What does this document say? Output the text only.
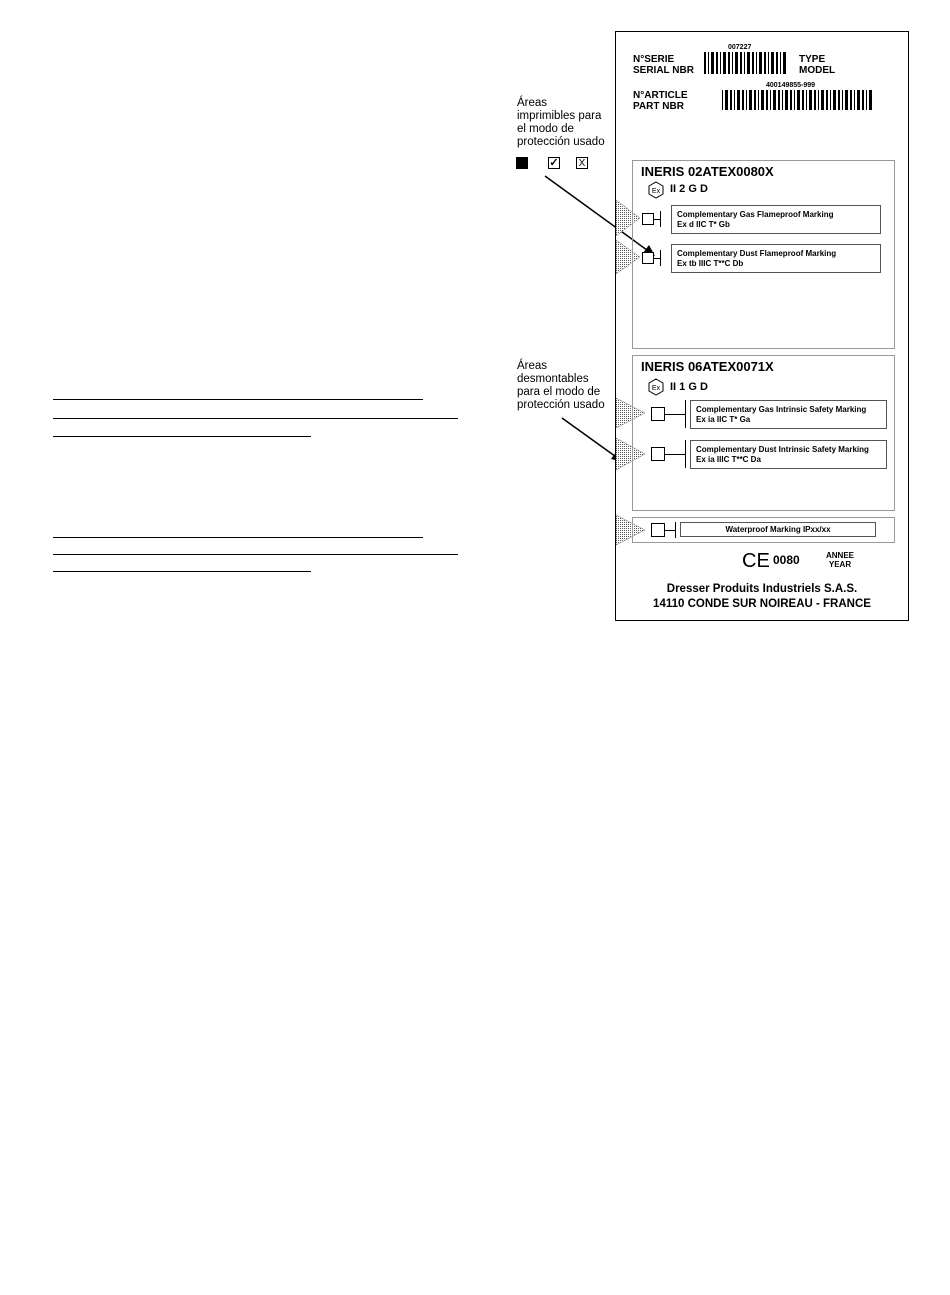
Áreas
imprimibles para
el modo de
protección usado
✓ X
Áreas
desmontables
para el modo de
protección usado
N°SERIE
SERIAL NBR
007227
TYPE
MODEL
N°ARTICLE
PART NBR
400149855-999
INERIS 02ATEX0080X
Ex II 2 G D
Complementary Gas Flameproof Marking
Ex d IIC T* Gb
Complementary Dust Flameproof Marking
Ex tb IIIC T**C Db
INERIS 06ATEX0071X
Ex II 1 G D
Complementary Gas Intrinsic Safety Marking
Ex ia IIC T* Ga
Complementary Dust Intrinsic Safety Marking
Ex ia IIIC T**C Da
Waterproof Marking IPxx/xx
CE 0080	ANNEE
YEAR
Dresser Produits Industriels S.A.S.
14110 CONDE SUR NOIREAU - FRANCE
